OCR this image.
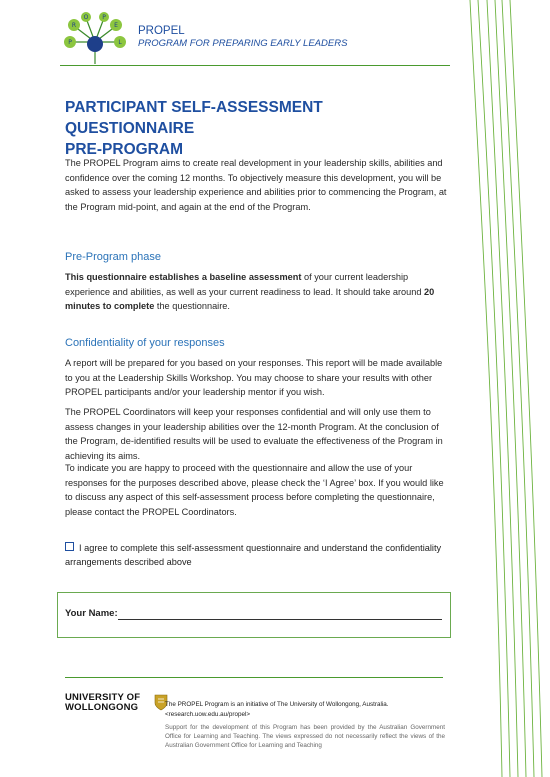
P
R
O P
E
L
PROPEL
PROGRAM FOR PREPARING EARLY LEADERS
PARTICIPANT SELF-ASSESSMENT QUESTIONNAIRE
PRE-PROGRAM
The PROPEL Program aims to create real development in your leadership skills, abilities and confidence over the coming 12 months. To objectively measure this development, you will be asked to assess your leadership experience and abilities prior to commencing the Program, at the Program mid-point, and again at the end of the Program.
Pre-Program phase
This questionnaire establishes a baseline assessment of your current leadership experience and abilities, as well as your current readiness to lead. It should take around 20 minutes to complete the questionnaire.
Confidentiality of your responses
A report will be prepared for you based on your responses. This report will be made available to you at the Leadership Skills Workshop. You may choose to share your results with other PROPEL participants and/or your leadership mentor if you wish.
The PROPEL Coordinators will keep your responses confidential and will only use them to assess changes in your leadership abilities over the 12-month Program. At the conclusion of the Program, de-identified results will be used to evaluate the effectiveness of the Program in achieving its aims.
To indicate you are happy to proceed with the questionnaire and allow the use of your responses for the purposes described above, please check the ‘I Agree’ box. If you would like to discuss any aspect of this self-assessment process before completing the questionnaire, please contact the PROPEL Coordinators.
I agree to complete this self-assessment questionnaire and understand the confidentiality arrangements described above
Your Name:
UNIVERSITY OF
WOLLONGONG	The PROPEL Program is an initiative of The University of Wollongong, Australia.
<research.uow.edu.au/propel>
Support for the development of this Program has been provided by the Australian Government Office for Learning and Teaching. The views expressed do not necessarily reflect the views of the Australian Government Office for Learning and Teaching
